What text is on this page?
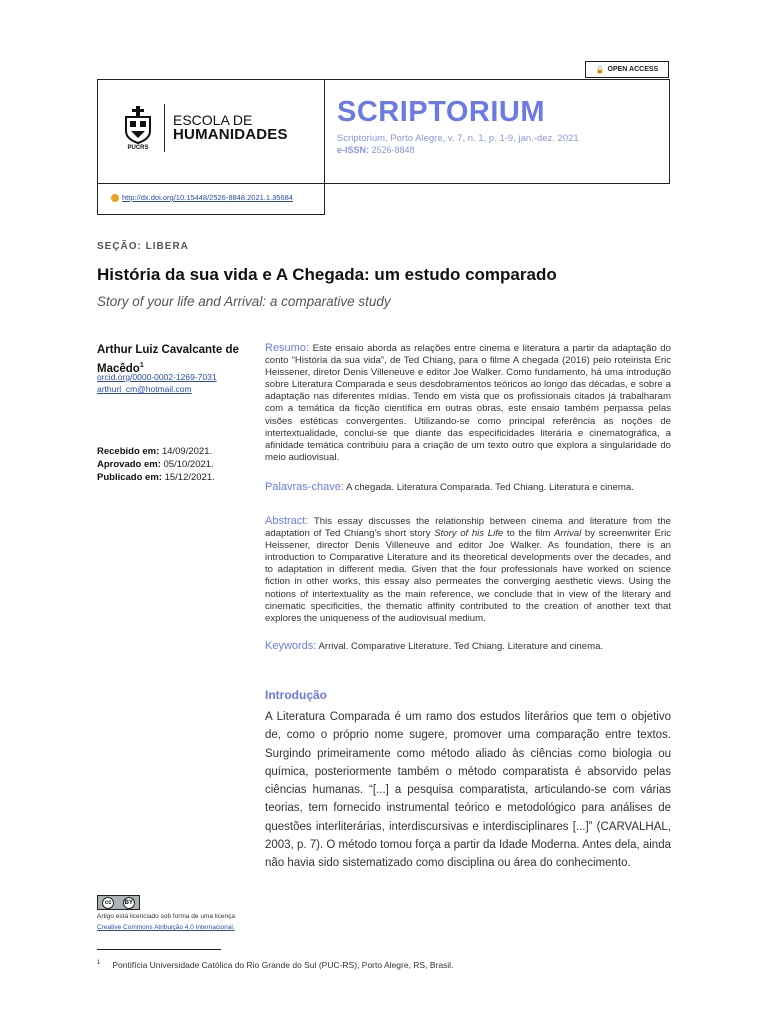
🔓 OPEN ACCESS
PUCRS
ESCOLA DE
HUMANIDADES
SCRIPTORIUM
Scriptorium, Porto Alegre, v. 7, n. 1, p. 1-9, jan.-dez. 2021
e-ISSN: 2526-8848
http://dx.doi.org/10.15448/2526-8848.2021.1.35684
SEÇÃO: LIBERA
História da sua vida e A Chegada: um estudo comparado
Story of your life and Arrival: a comparative study
Arthur Luiz Cavalcante de Macêdo$^1$
orcid.org/0000-0002-1269-7031
arthurl_cm@hotmail.com
Recebido em: 14/09/2021.
Aprovado em: 05/10/2021.
Publicado em: 15/12/2021.
Resumo: Este ensaio aborda as relações entre cinema e literatura a partir da adaptação do conto “História da sua vida”, de Ted Chiang, para o filme A chegada (2016) pelo roteirista Eric Heissener, diretor Denis Villeneuve e editor Joe Walker. Como fundamento, há uma introdução sobre Literatura Comparada e seus desdobramentos teóricos ao longo das décadas, e sobre a adaptação nas diferentes mídias. Tendo em vista que os profissionais citados já trabalharam com a temática da ficção científica em outras obras, este ensaio também perpassa pelas visões estéticas convergentes. Utilizando-se como principal referência as noções de intertextualidade, conclui-se que diante das especificidades literária e cinematográfica, a afinidade temática contribuiu para a criação de um texto outro que explora a singularidade do meio audiovisual.
Palavras-chave: A chegada. Literatura Comparada. Ted Chiang. Literatura e cinema.
Abstract: This essay discusses the relationship between cinema and literature from the adaptation of Ted Chiang’s short story Story of his Life to the film Arrival by screenwriter Eric Heissener, director Denis Villeneuve and editor Joe Walker. As foundation, there is an introduction to Comparative Literature and its theoretical developments over the decades, and to adaptation in different media. Given that the four professionals have worked on science fiction in other works, this essay also permeates the converging aesthetic views. Using the notions of intertextuality as the main reference, we conclude that in view of the literary and cinematic specificities, the thematic affinity contributed to the creation of another text that explores the uniqueness of the audiovisual medium.
Keywords: Arrival. Comparative Literature. Ted Chiang. Literature and cinema.
Introdução
A Literatura Comparada é um ramo dos estudos literários que tem o objetivo de, como o próprio nome sugere, promover uma comparação entre textos. Surgindo primeiramente como método aliado às ciências como biologia ou química, posteriormente também o método comparatista é absorvido pelas ciências humanas. “[...] a pesquisa comparatista, articulando-se com várias teorias, tem fornecido instrumental teórico e metodológico para análises de questões interliterárias, interdiscursivas e interdisciplinares [...]” (CARVALHAL, 2003, p. 7). O método tomou força a partir da Idade Moderna. Antes dela, ainda não havia sido sistematizado como disciplina ou área do conhecimento.
cc	BY
Artigo está licenciado sob forma de uma licença
Creative Commons Atribuição 4.0 Internacional.
$^1$ Pontifícia Universidade Católica do Rio Grande do Sul (PUC-RS), Porto Alegre, RS, Brasil.
